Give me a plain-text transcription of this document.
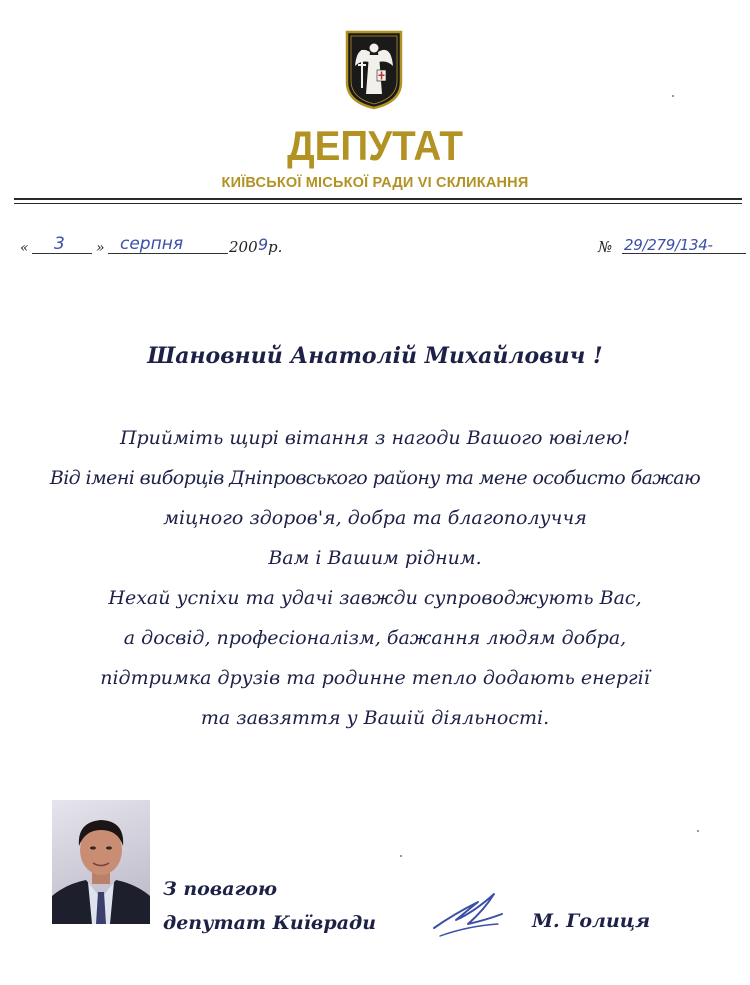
ДЕПУТАТ
КИЇВСЬКОЇ МІСЬКОЇ РАДИ VI СКЛИКАННЯ
« 3 » серпня	200 9 р.	№ 29/279/134-
Шановний Анатолій Михайлович !
Прийміть щирі вітання з нагоди Вашого ювілею!
Від імені виборців Дніпровського району та мене особисто бажаю
міцного здоров'я, добра та благополуччя
Вам і Вашим рідним.
Нехай успіхи та удачі завжди супроводжують Вас,
а досвід, професіоналізм, бажання людям добра,
підтримка друзів та родинне тепло додають енергії
та завзяття у Вашій діяльності.
З повагою
депутат Київради	М. Голиця
